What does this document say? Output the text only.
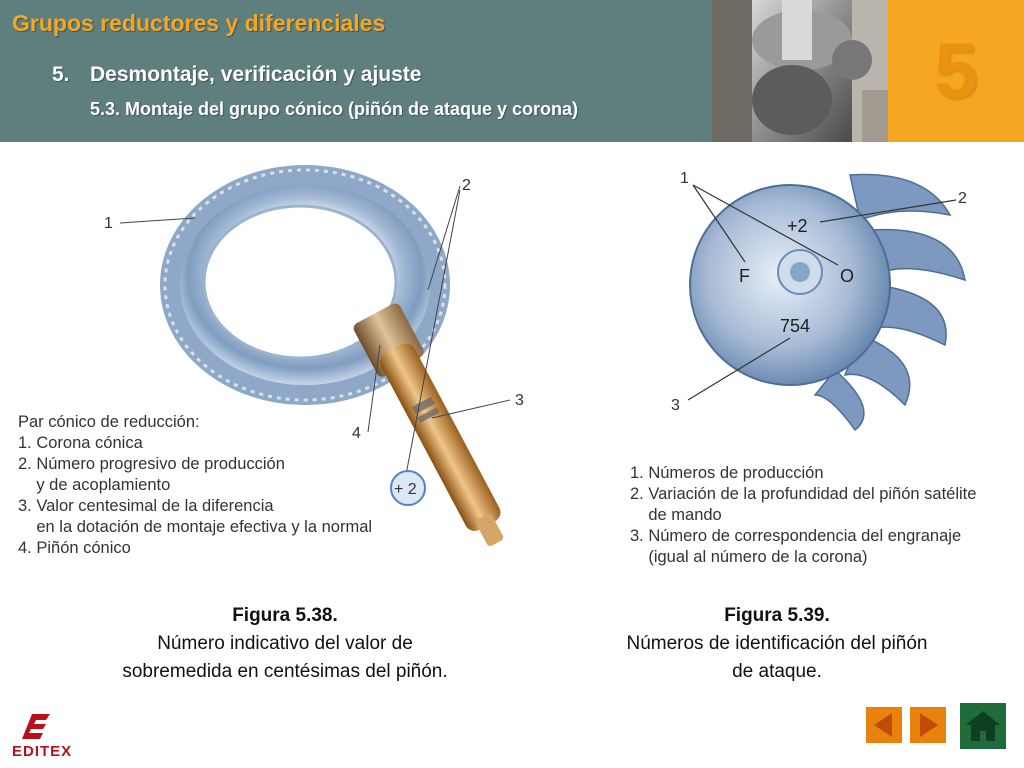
Grupos reductores y diferenciales
5. Desmontaje, verificación y ajuste
5.3. Montaje del grupo cónico (piñón de ataque y corona)	5
1
2
3
4
+ 2
Par cónico de reducción:
1. Corona cónica
2. Número progresivo de producción
y de acoplamiento
3. Valor centesimal de la diferencia
en la dotación de montaje efectiva y la normal
4. Piñón cónico
+2
F	O
754
1
2
3
1. Números de producción
2. Variación de la profundidad del piñón satélite
de mando
3. Número de correspondencia del engranaje
(igual al número de la corona)
Figura 5.38.
Número indicativo del valor de
sobremedida en centésimas del piñón.
Figura 5.39.
Números de identificación del piñón
de ataque.
EDITEX
